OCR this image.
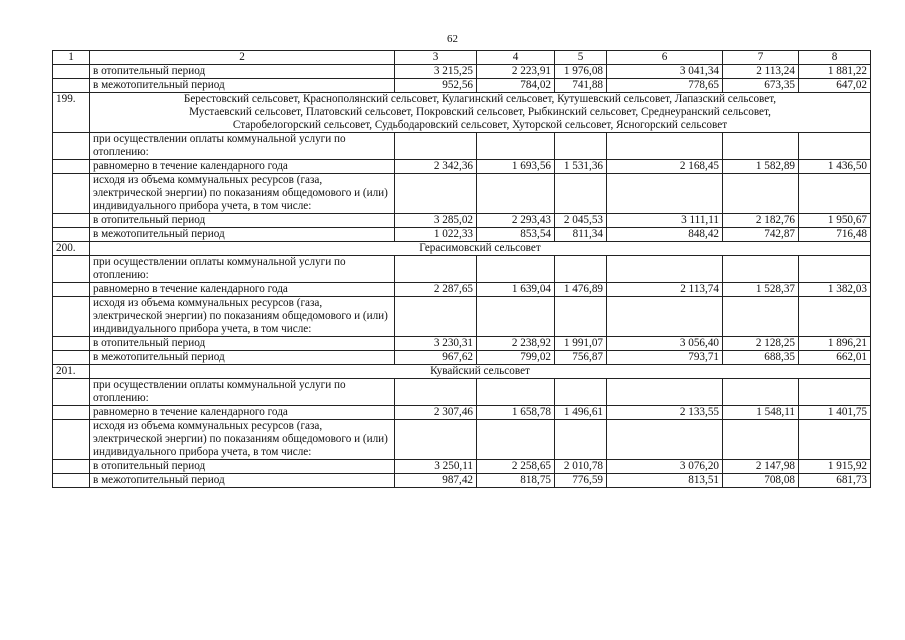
62
1	2	3	4	5	6	7	8
	в отопительный период	3 215,25	2 223,91	1 976,08	3 041,34	2 113,24	1 881,22
	в межотопительный период	952,56	784,02	741,88	778,65	673,35	647,02
199.	Берестовский сельсовет, Краснополянский сельсовет, Кулагинский сельсовет, Кутушевский сельсовет, Лапазский сельсовет,
Мустаевский сельсовет, Платовский сельсовет, Покровский сельсовет, Рыбкинский сельсовет, Среднеуранский сельсовет,
Старобелогорский сельсовет, Судьбодаровский сельсовет, Хуторской сельсовет, Ясногорский сельсовет						

	при осуществлении оплаты коммунальной услуги по отоплению:						
	равномерно в течение календарного года	2 342,36	1 693,56	1 531,36	2 168,45	1 582,89	1 436,50
	исходя из объема коммунальных ресурсов (газа, электрической энергии) по показаниям общедомового и (или) индивидуального прибора учета, в том числе:						
	в отопительный период	3 285,02	2 293,43	2 045,53	3 111,11	2 182,76	1 950,67
	в межотопительный период	1 022,33	853,54	811,34	848,42	742,87	716,48
200.	Герасимовский сельсовет						

	при осуществлении оплаты коммунальной услуги по отоплению:						
	равномерно в течение календарного года	2 287,65	1 639,04	1 476,89	2 113,74	1 528,37	1 382,03
	исходя из объема коммунальных ресурсов (газа, электрической энергии) по показаниям общедомового и (или) индивидуального прибора учета, в том числе:						
	в отопительный период	3 230,31	2 238,92	1 991,07	3 056,40	2 128,25	1 896,21
	в межотопительный период	967,62	799,02	756,87	793,71	688,35	662,01
201.	Кувайский сельсовет						

	при осуществлении оплаты коммунальной услуги по отоплению:						
	равномерно в течение календарного года	2 307,46	1 658,78	1 496,61	2 133,55	1 548,11	1 401,75
	исходя из объема коммунальных ресурсов (газа, электрической энергии) по показаниям общедомового и (или) индивидуального прибора учета, в том числе:						
	в отопительный период	3 250,11	2 258,65	2 010,78	3 076,20	2 147,98	1 915,92
	в межотопительный период	987,42	818,75	776,59	813,51	708,08	681,73
